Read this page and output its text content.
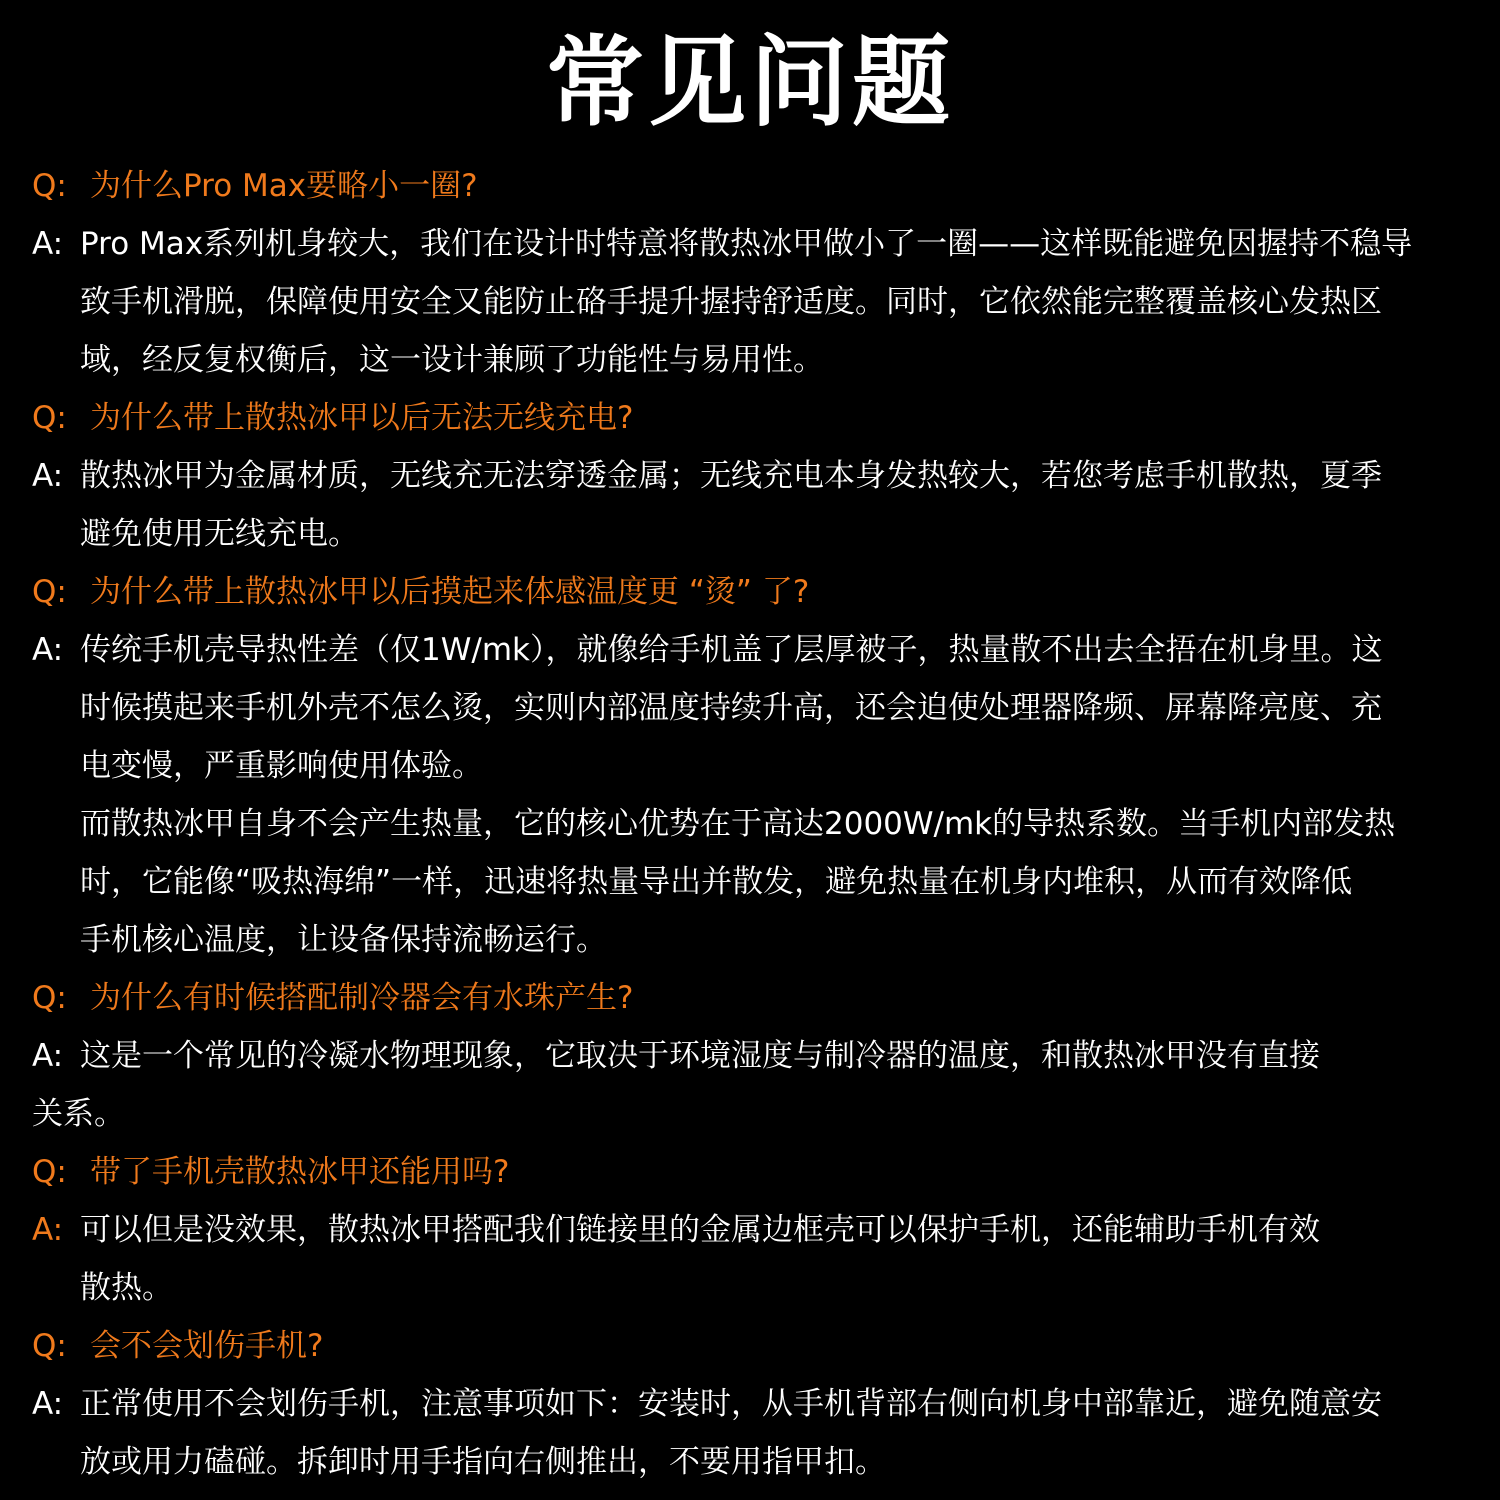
常见问题
Q: 为什么Pro Max要略小一圈?
A: Pro Max系列机身较大，我们在设计时特意将散热冰甲做小了一圈——这样既能避免因握持不稳导
致手机滑脱，保障使用安全又能防止硌手提升握持舒适度。同时，它依然能完整覆盖核心发热区
域，经反复权衡后，这一设计兼顾了功能性与易用性。
Q: 为什么带上散热冰甲以后无法无线充电?
A: 散热冰甲为金属材质，无线充无法穿透金属；无线充电本身发热较大，若您考虑手机散热，夏季
避免使用无线充电。
Q: 为什么带上散热冰甲以后摸起来体感温度更 “烫” 了?
A: 传统手机壳导热性差（仅1W/mk），就像给手机盖了层厚被子，热量散不出去全捂在机身里。这
时候摸起来手机外壳不怎么烫，实则内部温度持续升高，还会迫使处理器降频、屏幕降亮度、充
电变慢，严重影响使用体验。
而散热冰甲自身不会产生热量，它的核心优势在于高达2000W/mk的导热系数。当手机内部发热
时，它能像“吸热海绵”一样，迅速将热量导出并散发，避免热量在机身内堆积，从而有效降低
手机核心温度，让设备保持流畅运行。
Q: 为什么有时候搭配制冷器会有水珠产生?
A: 这是一个常见的冷凝水物理现象，它取决于环境湿度与制冷器的温度，和散热冰甲没有直接
关系。
Q: 带了手机壳散热冰甲还能用吗?
A: 可以但是没效果，散热冰甲搭配我们链接里的金属边框壳可以保护手机，还能辅助手机有效
散热。
Q: 会不会划伤手机?
A: 正常使用不会划伤手机，注意事项如下：安装时，从手机背部右侧向机身中部靠近，避免随意安
放或用力磕碰。拆卸时用手指向右侧推出，不要用指甲扣。
